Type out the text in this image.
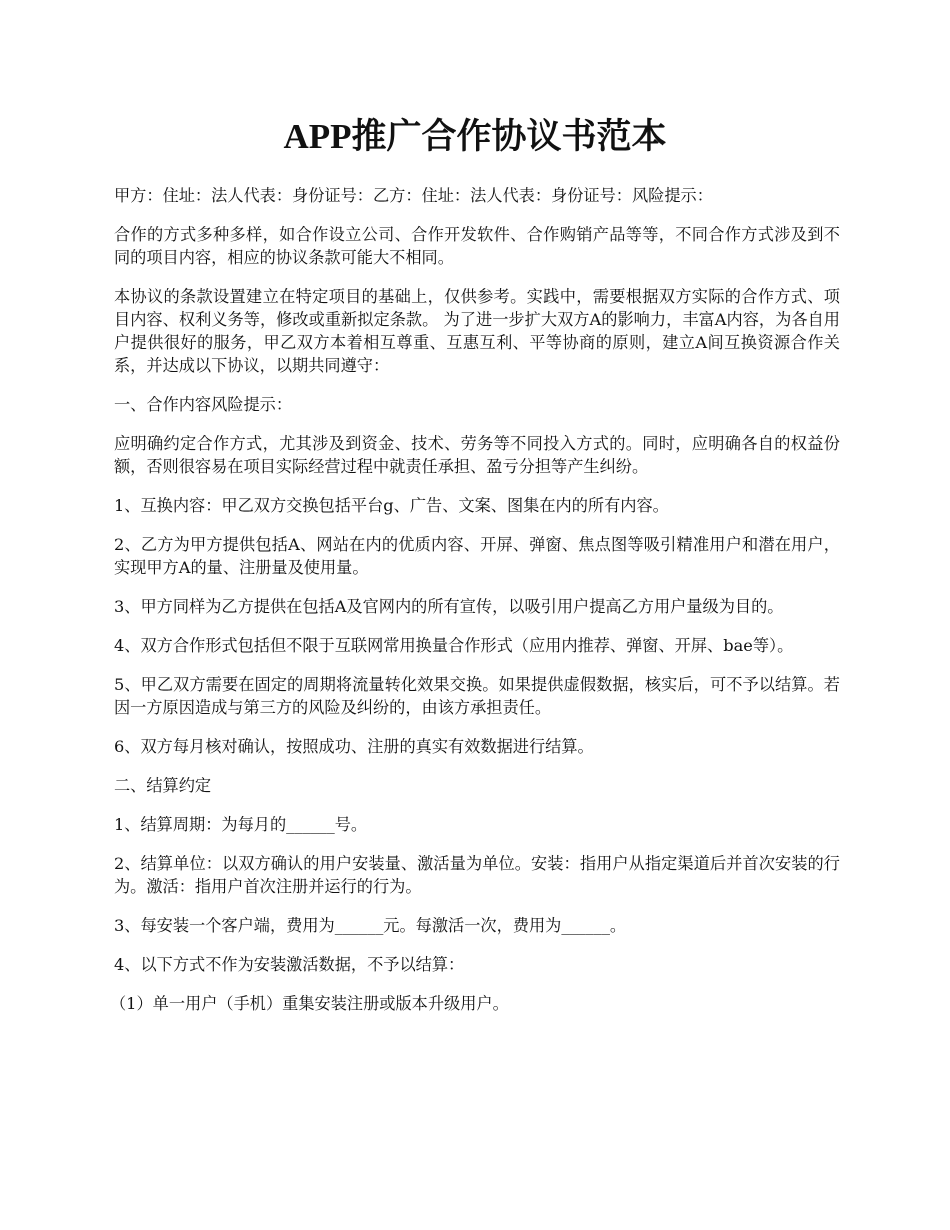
APP推广合作协议书范本

甲方：住址：法人代表：身份证号：乙方：住址：法人代表：身份证号：风险提示：

合作的方式多种多样，如合作设立公司、合作开发软件、合作购销产品等等，不同合作方式涉及到不同的项目内容，相应的协议条款可能大不相同。

本协议的条款设置建立在特定项目的基础上，仅供参考。实践中，需要根据双方实际的合作方式、项目内容、权利义务等，修改或重新拟定条款。 为了进一步扩大双方A的影响力，丰富A内容，为各自用户提供很好的服务，甲乙双方本着相互尊重、互惠互利、平等协商的原则，建立A间互换资源合作关系，并达成以下协议，以期共同遵守：

一、合作内容风险提示：

应明确约定合作方式，尤其涉及到资金、技术、劳务等不同投入方式的。同时，应明确各自的权益份额，否则很容易在项目实际经营过程中就责任承担、盈亏分担等产生纠纷。

1、互换内容：甲乙双方交换包括平台g、广告、文案、图集在内的所有内容。

2、乙方为甲方提供包括A、网站在内的优质内容、开屏、弹窗、焦点图等吸引精准用户和潜在用户，实现甲方A的量、注册量及使用量。

3、甲方同样为乙方提供在包括A及官网内的所有宣传，以吸引用户提高乙方用户量级为目的。

4、双方合作形式包括但不限于互联网常用换量合作形式（应用内推荐、弹窗、开屏、bae等）。

5、甲乙双方需要在固定的周期将流量转化效果交换。如果提供虚假数据，核实后，可不予以结算。若因一方原因造成与第三方的风险及纠纷的，由该方承担责任。

6、双方每月核对确认，按照成功、注册的真实有效数据进行结算。

二、结算约定

1、结算周期：为每月的______号。

2、结算单位：以双方确认的用户安装量、激活量为单位。安装：指用户从指定渠道后并首次安装的行为。激活：指用户首次注册并运行的行为。

3、每安装一个客户端，费用为______元。每激活一次，费用为______。

4、以下方式不作为安装激活数据，不予以结算：

（1）单一用户（手机）重集安装注册或版本升级用户。
